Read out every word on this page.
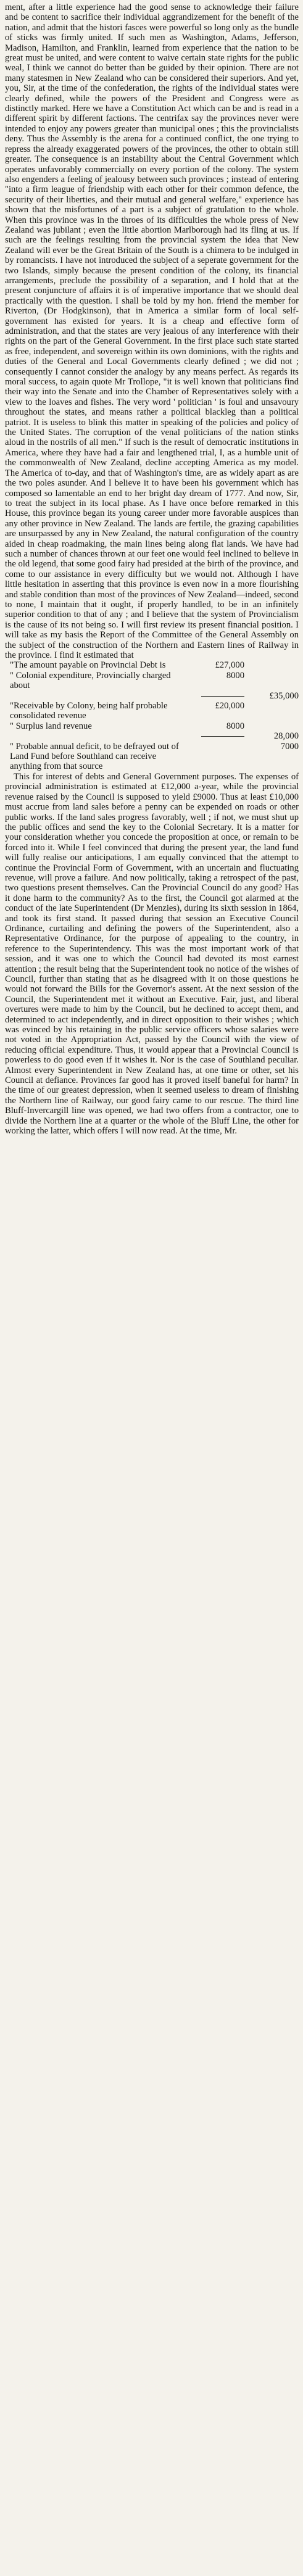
ment, after a little experience had the good sense to acknowledge their failure and be content to sacrifice their individual aggrandizement for the benefit of the nation, and admit that the histori fasces were powerful so long only as the bundle of sticks was firmly united. If such men as Washington, Adams, Jefferson, Madison, Hamilton, and Franklin, learned from experience that the nation to be great must be united, and were content to waive certain state rights for the public weal, I think we cannot do better than be guided by their opinion. There are not many statesmen in New Zealand who can be considered their superiors. And yet, you, Sir, at the time of the confederation, the rights of the individual states were clearly defined, while the powers of the President and Congress were as distinctly marked. Here we have a Constitution Act which can be and is read in a different spirit by different factions. The centrifax say the provinces never were intended to enjoy any powers greater than municipal ones ; this the provincialists deny. Thus the Assembly is the arena for a continued conflict, the one trying to repress the already exaggerated powers of the provinces, the other to obtain still greater. The consequence is an instability about the Central Government which operates unfavorably commercially on every portion of the colony. The system also engenders a feeling of jealousy between such provinces ; instead of entering "into a firm league of friendship with each other for their common defence, the security of their liberties, and their mutual and general welfare," experience has shown that the misfortunes of a part is a subject of gratulation to the whole. When this province was in the throes of its difficulties the whole press of New Zealand was jubilant ; even the little abortion Marlborough had its fling at us. If such are the feelings resulting from the provincial system the idea that New Zealand will ever be the Great Britain of the South is a chimera to be indulged in by romancists. I have not introduced the subject of a seperate government for the two Islands, simply because the present condition of the colony, its financial arrangements, preclude the possibility of a separation, and I hold that at the present conjuncture of affairs it is of imperative importance that we should deal practically with the question. I shall be told by my hon. friend the member for Riverton, (Dr Hodgkinson), that in America a similar form of local self-government has existed for years. It is a cheap and effective form of administration, and that the states are very jealous of any interference with their rights on the part of the General Government. In the first place such state started as free, independent, and sovereign within its own dominions, with the rights and duties of the General and Local Governments clearly defined ; we did not ; consequently I cannot consider the analogy by any means perfect. As regards its moral success, to again quote Mr Trollope, "it is well known that politicians find their way into the Senate and into the Chamber of Representatives solely with a view to the loaves and fishes. The very word ' politician ' is foul and unsavoury throughout the states, and means rather a political blackleg than a political patriot. It is useless to blink this matter in speaking of the policies and policy of the United States. The corruption of the venal politicians of the nation stinks aloud in the nostrils of all men." If such is the result of democratic institutions in America, where they have had a fair and lengthened trial, I, as a humble unit of the commonwealth of New Zealand, decline accepting America as my model. The America of to-day, and that of Washington's time, are as widely apart as are the two poles asunder. And I believe it to have been his government which has composed so lamentable an end to her bright day dream of 1777. And now, Sir, to treat the subject in its local phase. As I have once before remarked in this House, this province began its young career under more favorable auspices than any other province in New Zealand. The lands are fertile, the grazing capabilities are unsurpassed by any in New Zealand, the natural configuration of the country aided in cheap roadmaking, the main lines being along flat lands. We have had such a number of chances thrown at our feet one would feel inclined to believe in the old legend, that some good fairy had presided at the birth of the province, and come to our assistance in every difficulty but we would not. Although I have little hesitation in asserting that this province is even now in a more flourishing and stable condition than most of the provinces of New Zealand—indeed, second to none, I maintain that it ought, if properly handled, to be in an infinitely superior condition to that of any ; and I believe that the system of Provincialism is the cause of its not being so. I will first review its present financial position. I will take as my basis the Report of the Committee of the General Assembly on the subject of the construction of the Northern and Eastern lines of Railway in the province. I find it estimated that

"The amount payable on Provincial Debt is	£27,000
" Colonial expenditure, Provincially charged about
8000
£35,000
"Receivable by Colony, being half probable consolidated revenue
£20,000
" Surplus land revenue	8000
28,000
" Probable annual deficit, to be defrayed out of Land Fund before Southland can receive anything from that source
7000

This for interest of debts and General Government purposes. The expenses of provincial administration is estimated at £12,000 a-year, while the provincial revenue raised by the Council is supposed to yield £9000. Thus at least £10,000 must accrue from land sales before a penny can be expended on roads or other public works. If the land sales progress favorably, well ; if not, we must shut up the public offices and send the key to the Colonial Secretary. It is a matter for your consideration whether you concede the proposition at once, or remain to be forced into it. While I feel convinced that during the present year, the land fund will fully realise our anticipations, I am equally convinced that the attempt to continue the Provincial Form of Government, with an uncertain and fluctuating revenue, will prove a failure. And now politically, taking a retrospect of the past, two questions present themselves. Can the Provincial Council do any good? Has it done harm to the community? As to the first, the Council got alarmed at the conduct of the late Superintendent (Dr Menzies), during its sixth session in 1864, and took its first stand. It passed during that session an Executive Council Ordinance, curtailing and defining the powers of the Superintendent, also a Representative Ordinance, for the purpose of appealing to the country, in reference to the Superintendency. This was the most important work of that session, and it was one to which the Council had devoted its most earnest attention ; the result being that the Superintendent took no notice of the wishes of Council, further than stating that as he disagreed with it on those questions he would not forward the Bills for the Governor's assent. At the next session of the Council, the Superintendent met it without an Executive. Fair, just, and liberal overtures were made to him by the Council, but he declined to accept them, and determined to act independently, and in direct opposition to their wishes ; which was evinced by his retaining in the public service officers whose salaries were not voted in the Appropriation Act, passed by the Council with the view of reducing official expenditure. Thus, it would appear that a Provincial Council is powerless to do good even if it wishes it. Nor is the case of Southland peculiar. Almost every Superintendent in New Zealand has, at one time or other, set his Council at defiance. Provinces far good has it proved itself baneful for harm? In the time of our greatest depression, when it seemed useless to dream of finishing the Northern line of Railway, our good fairy came to our rescue. The third line Bluff-Invercargill line was opened, we had two offers from a contractor, one to divide the Northern line at a quarter or the whole of the Bluff Line, the other for working the latter, which offers I will now read. At the time, Mr.
